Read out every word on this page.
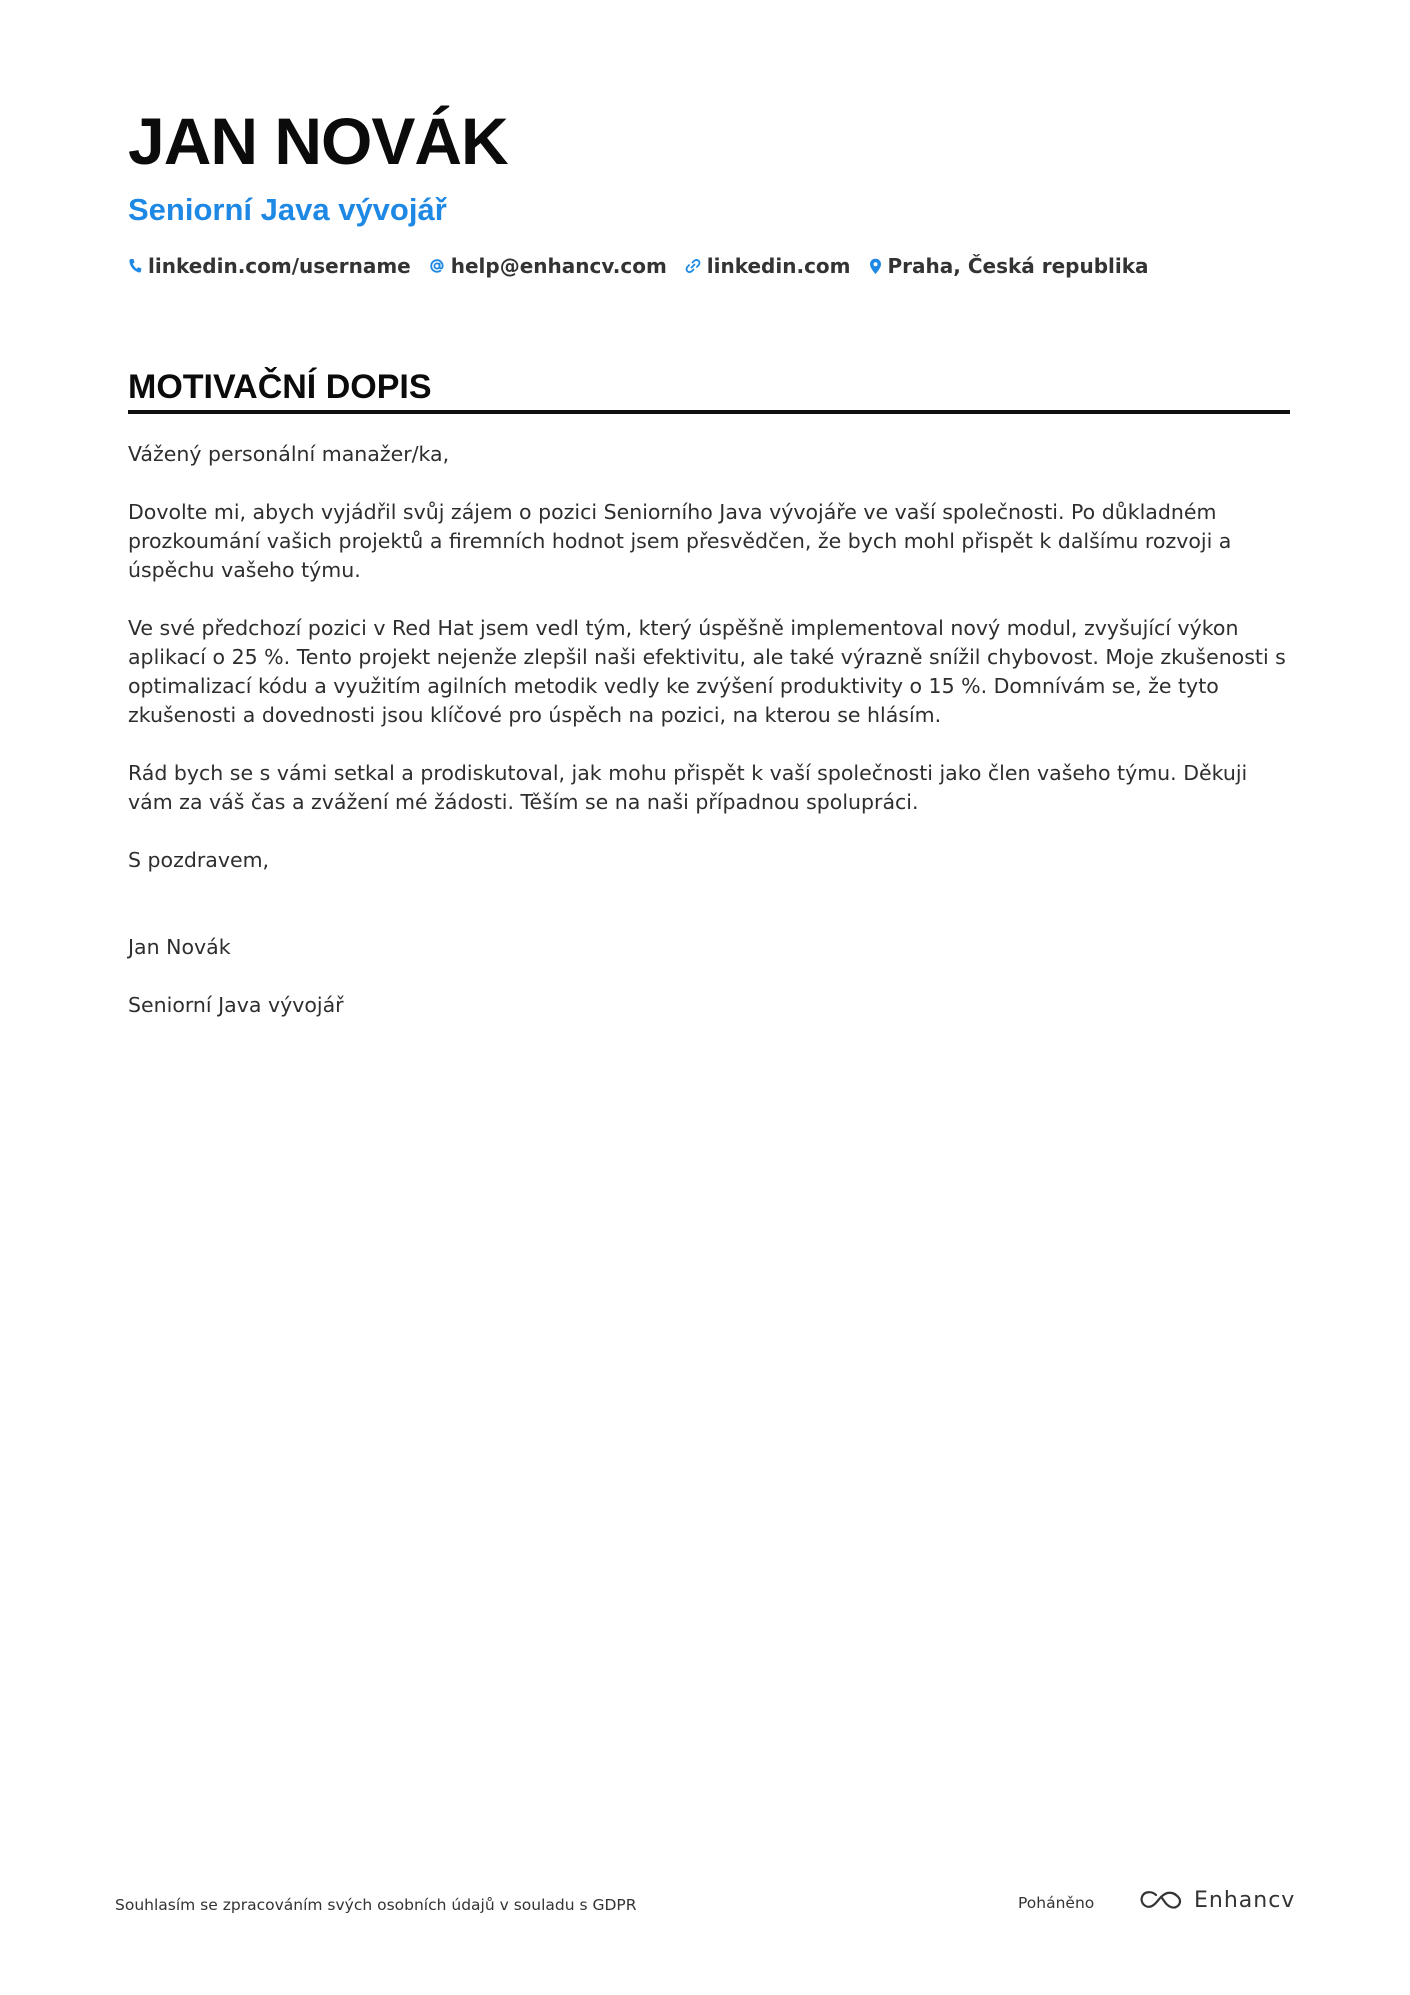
JAN NOVÁK
Seniorní Java vývojář
linkedin.com/username help@enhancv.com linkedin.com Praha, Česká republika
MOTIVAČNÍ DOPIS

Vážený personální manažer/ka,

Dovolte mi, abych vyjádřil svůj zájem o pozici Seniorního Java vývojáře ve vaší společnosti. Po důkladném prozkoumání vašich projektů a firemních hodnot jsem přesvědčen, že bych mohl přispět k dalšímu rozvoji a úspěchu vašeho týmu.

Ve své předchozí pozici v Red Hat jsem vedl tým, který úspěšně implementoval nový modul, zvyšující výkon aplikací o 25 %. Tento projekt nejenže zlepšil naši efektivitu, ale také výrazně snížil chybovost. Moje zkušenosti s optimalizací kódu a využitím agilních metodik vedly ke zvýšení produktivity o 15 %. Domnívám se, že tyto zkušenosti a dovednosti jsou klíčové pro úspěch na pozici, na kterou se hlásím.

Rád bych se s vámi setkal a prodiskutoval, jak mohu přispět k vaší společnosti jako člen vašeho týmu. Děkuji vám za váš čas a zvážení mé žádosti. Těším se na naši případnou spolupráci.

S pozdravem,

Jan Novák

Seniorní Java vývojář

Souhlasím se zpracováním svých osobních údajů v souladu s GDPR	Poháněno	Enhancv
